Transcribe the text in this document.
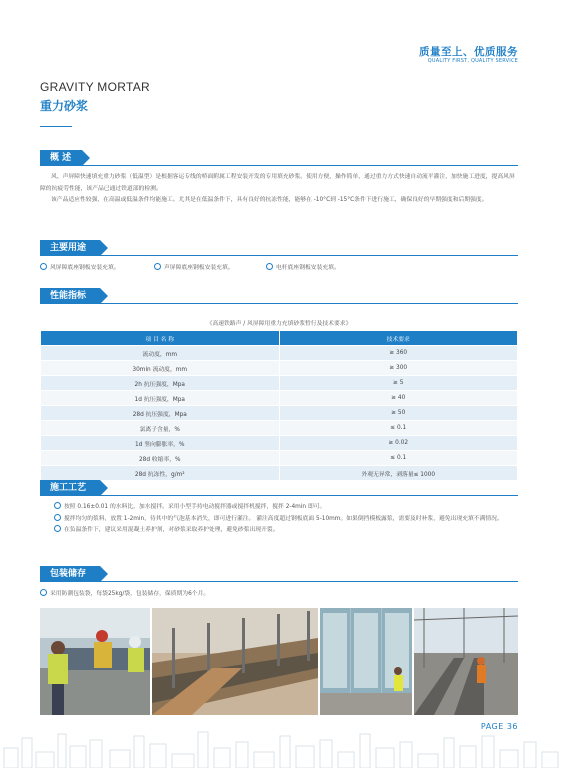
质量至上、优质服务
QUALITY FIRST, QUALITY SERVICE
GRAVITY MORTAR
重力砂浆
概 述

风、声屏障快速填充重力砂浆（低温型）是根据客运专线的桥面附属工程安装开发的专用填充砂浆。使用方便，操作简单，通过重力方式快速自动流平灌注，加快施工进度，提高风屏障的抗疲劳性能，该产品已通过铁道部的检测。

该产品适应性较强，在高温或低温条件均能施工。尤其是在低温条件下，具有良好的抗冻性能，能够在 -10°C到 -15°C条件下进行施工，确保良好的早期强度和后期强度。

主要用途
风屏障底座钢板安装充填。	声屏障底座钢板安装充填。	电杆底座钢板安装充填。
性能指标
《高速铁路声 / 风屏障用重力充填砂浆暂行及技术要求》
项 目 名 称	技术要求
流动度，mm	≥ 360
30min 流动度，mm	≥ 300
2h 抗压强度，Mpa	≥ 5
1d 抗压强度，Mpa	≥ 40
28d 抗压强度，Mpa	≥ 50
氯离子含量，%	≤ 0.1
1d 竖向膨胀率，%	≥ 0.02
28d 收缩率，%	≤ 0.1
28d 抗冻性，g/m²	外观无异常，剥落量≤ 1000
施工工艺
按照 0.16±0.01 的水料比，加水搅拌。采用小型手持电动搅拌器或搅拌机搅拌，搅拌 2-4min 即可。
搅拌均匀的浆料，放置 1-2min，待其中的气泡基本消失，即可进行灌注。 灌注高度超过钢板底面 5-10mm。如果倒挡模板露浆，需要及时补浆，避免出现充填不满情况。
在负温条件下，建议采用混凝土养护剂，对砂浆采取养护处理，避免砂浆出现开裂。
包装储存
采用防潮包装袋，每袋25kg/袋，包装储存，保质期为6个月。
PAGE 36
